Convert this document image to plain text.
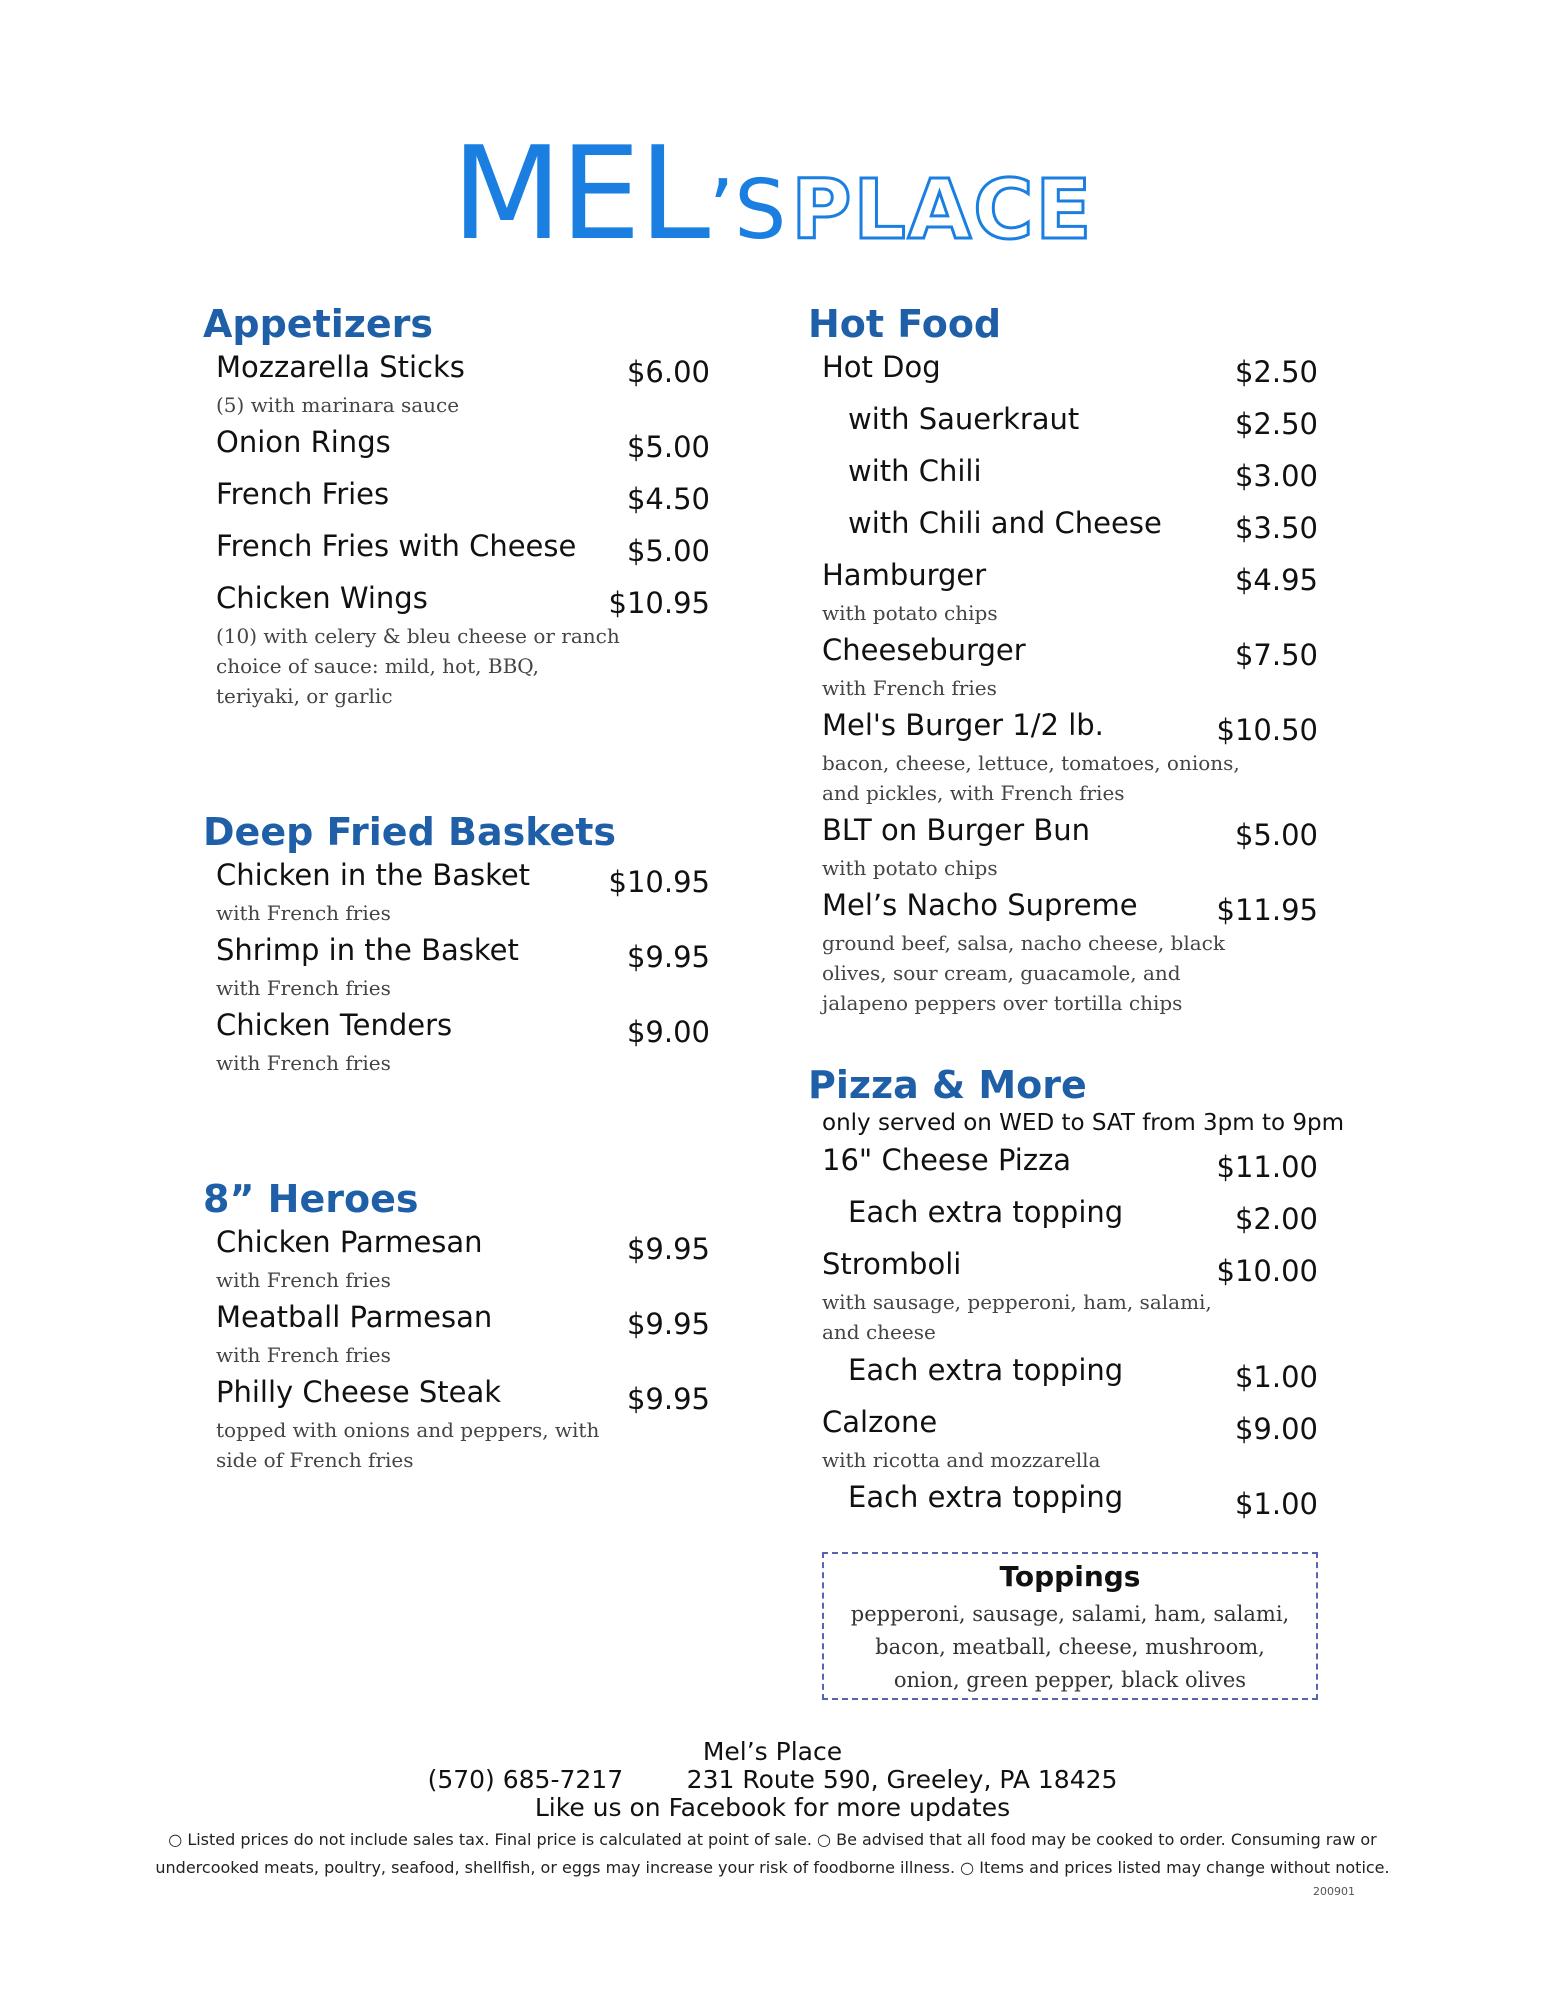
MEL’S PLACE
Appetizers
Mozzarella Sticks	$6.00
(5) with marinara sauce
Onion Rings	$5.00
French Fries	$4.50
French Fries with Cheese	$5.00
Chicken Wings	$10.95
(10) with celery & bleu cheese or ranch
choice of sauce: mild, hot, BBQ,
teriyaki, or garlic
Deep Fried Baskets
Chicken in the Basket	$10.95
with French fries
Shrimp in the Basket	$9.95
with French fries
Chicken Tenders	$9.00
with French fries
8” Heroes
Chicken Parmesan	$9.95
with French fries
Meatball Parmesan	$9.95
with French fries
Philly Cheese Steak	$9.95
topped with onions and peppers, with
side of French fries
Hot Food
Hot Dog	$2.50
with Sauerkraut	$2.50
with Chili	$3.00
with Chili and Cheese	$3.50
Hamburger	$4.95
with potato chips
Cheeseburger	$7.50
with French fries
Mel's Burger 1/2 lb.	$10.50
bacon, cheese, lettuce, tomatoes, onions,
and pickles, with French fries
BLT on Burger Bun	$5.00
with potato chips
Mel’s Nacho Supreme	$11.95
ground beef, salsa, nacho cheese, black
olives, sour cream, guacamole, and
jalapeno peppers over tortilla chips
Pizza & More
only served on WED to SAT from 3pm to 9pm
16" Cheese Pizza	$11.00
Each extra topping	$2.00
Stromboli	$10.00
with sausage, pepperoni, ham, salami,
and cheese
Each extra topping	$1.00
Calzone	$9.00
with ricotta and mozzarella
Each extra topping	$1.00
Toppings
pepperoni, sausage, salami, ham, salami,
bacon, meatball, cheese, mushroom,
onion, green pepper, black olives
Mel’s Place
(570) 685-7217        231 Route 590, Greeley, PA 18425
Like us on Facebook for more updates
○ Listed prices do not include sales tax. Final price is calculated at point of sale. ○ Be advised that all food may be cooked to order. Consuming raw or
undercooked meats, poultry, seafood, shellfish, or eggs may increase your risk of foodborne illness. ○ Items and prices listed may change without notice.
200901
